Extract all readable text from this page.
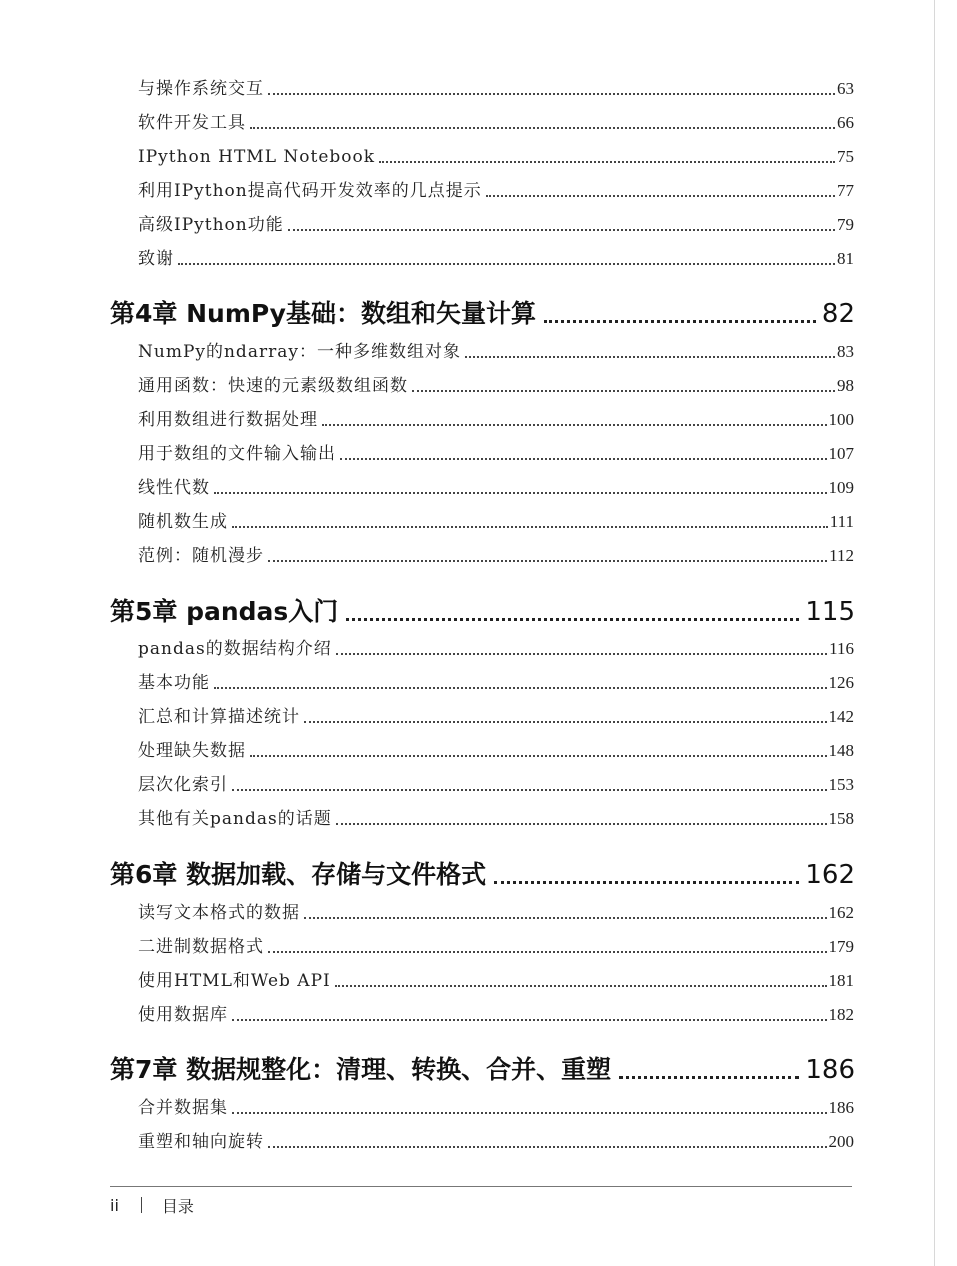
与操作系统交互	63
软件开发工具	66
IPython HTML Notebook	75
利用IPython提高代码开发效率的几点提示	77
高级IPython功能	79
致谢	81
第4章 NumPy基础：数组和矢量计算	82
NumPy的ndarray：一种多维数组对象	83
通用函数：快速的元素级数组函数	98
利用数组进行数据处理	100
用于数组的文件输入输出	107
线性代数	109
随机数生成	111
范例：随机漫步	112
第5章 pandas入门	115
pandas的数据结构介绍	116
基本功能	126
汇总和计算描述统计	142
处理缺失数据	148
层次化索引	153
其他有关pandas的话题	158
第6章 数据加载、存储与文件格式	162
读写文本格式的数据	162
二进制数据格式	179
使用HTML和Web API	181
使用数据库	182
第7章 数据规整化：清理、转换、合并、重塑	186
合并数据集	186
重塑和轴向旋转	200
ii	目录
